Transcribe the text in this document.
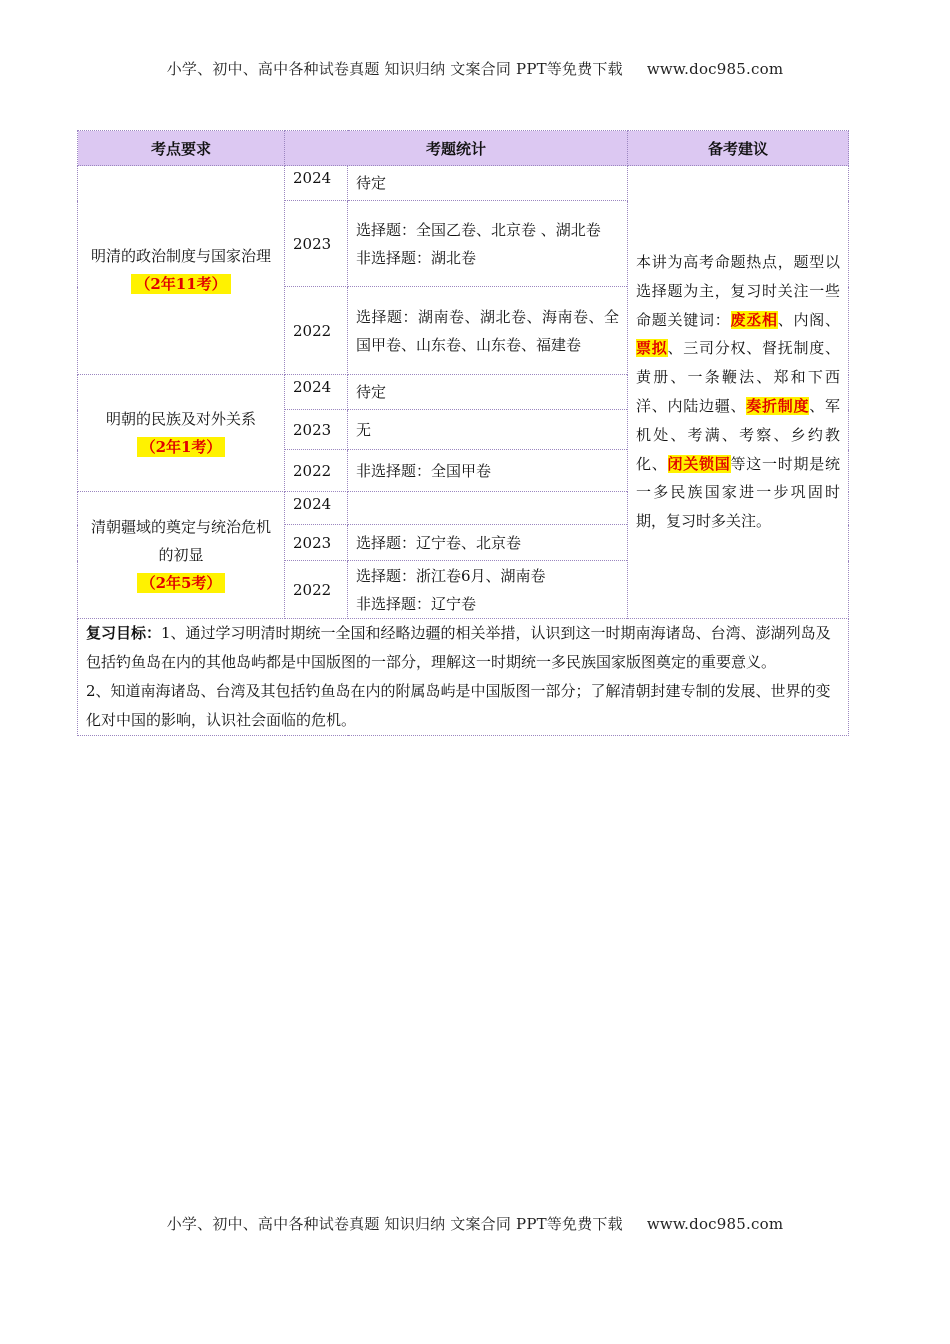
小学、初中、高中各种试卷真题 知识归纳 文案合同 PPT等免费下载 www.doc985.com
考点要求	考题统计		备考建议

明清的政治制度与国家治理
（2年11考）	2024	待定	本讲为高考命题热点，题型以选择题为主，复习时关注一些命题关键词：废丞相、内阁、票拟、三司分权、督抚制度、黄册、一条鞭法、郑和下西洋、内陆边疆、奏折制度、军机处、考满、考察、乡约教化、闭关锁国等这一时期是统一多民族国家进一步巩固时期，复习时多关注。
	2023	选择题：全国乙卷、北京卷 、湖北卷
非选择题：湖北卷	

	2022	选择题：湖南卷、湖北卷、海南卷、全国甲卷、山东卷、山东卷、福建卷	

明朝的民族及对外关系
（2年1考）	2024	待定	

	2023	无	

	2022	非选择题：全国甲卷	

清朝疆域的奠定与统治危机的初显
（2年5考）	2024		

	2023	选择题：辽宁卷、北京卷	

	2022	选择题：浙江卷6月、湖南卷
非选择题：辽宁卷	

复习目标：1、通过学习明清时期统一全国和经略边疆的相关举措，认识到这一时期南海诸岛、台湾、澎湖列岛及包括钓鱼岛在内的其他岛屿都是中国版图的一部分，理解这一时期统一多民族国家版图奠定的重要意义。
2、知道南海诸岛、台湾及其包括钓鱼岛在内的附属岛屿是中国版图一部分；了解清朝封建专制的发展、世界的变化对中国的影响，认识社会面临的危机。			
小学、初中、高中各种试卷真题 知识归纳 文案合同 PPT等免费下载 www.doc985.com
